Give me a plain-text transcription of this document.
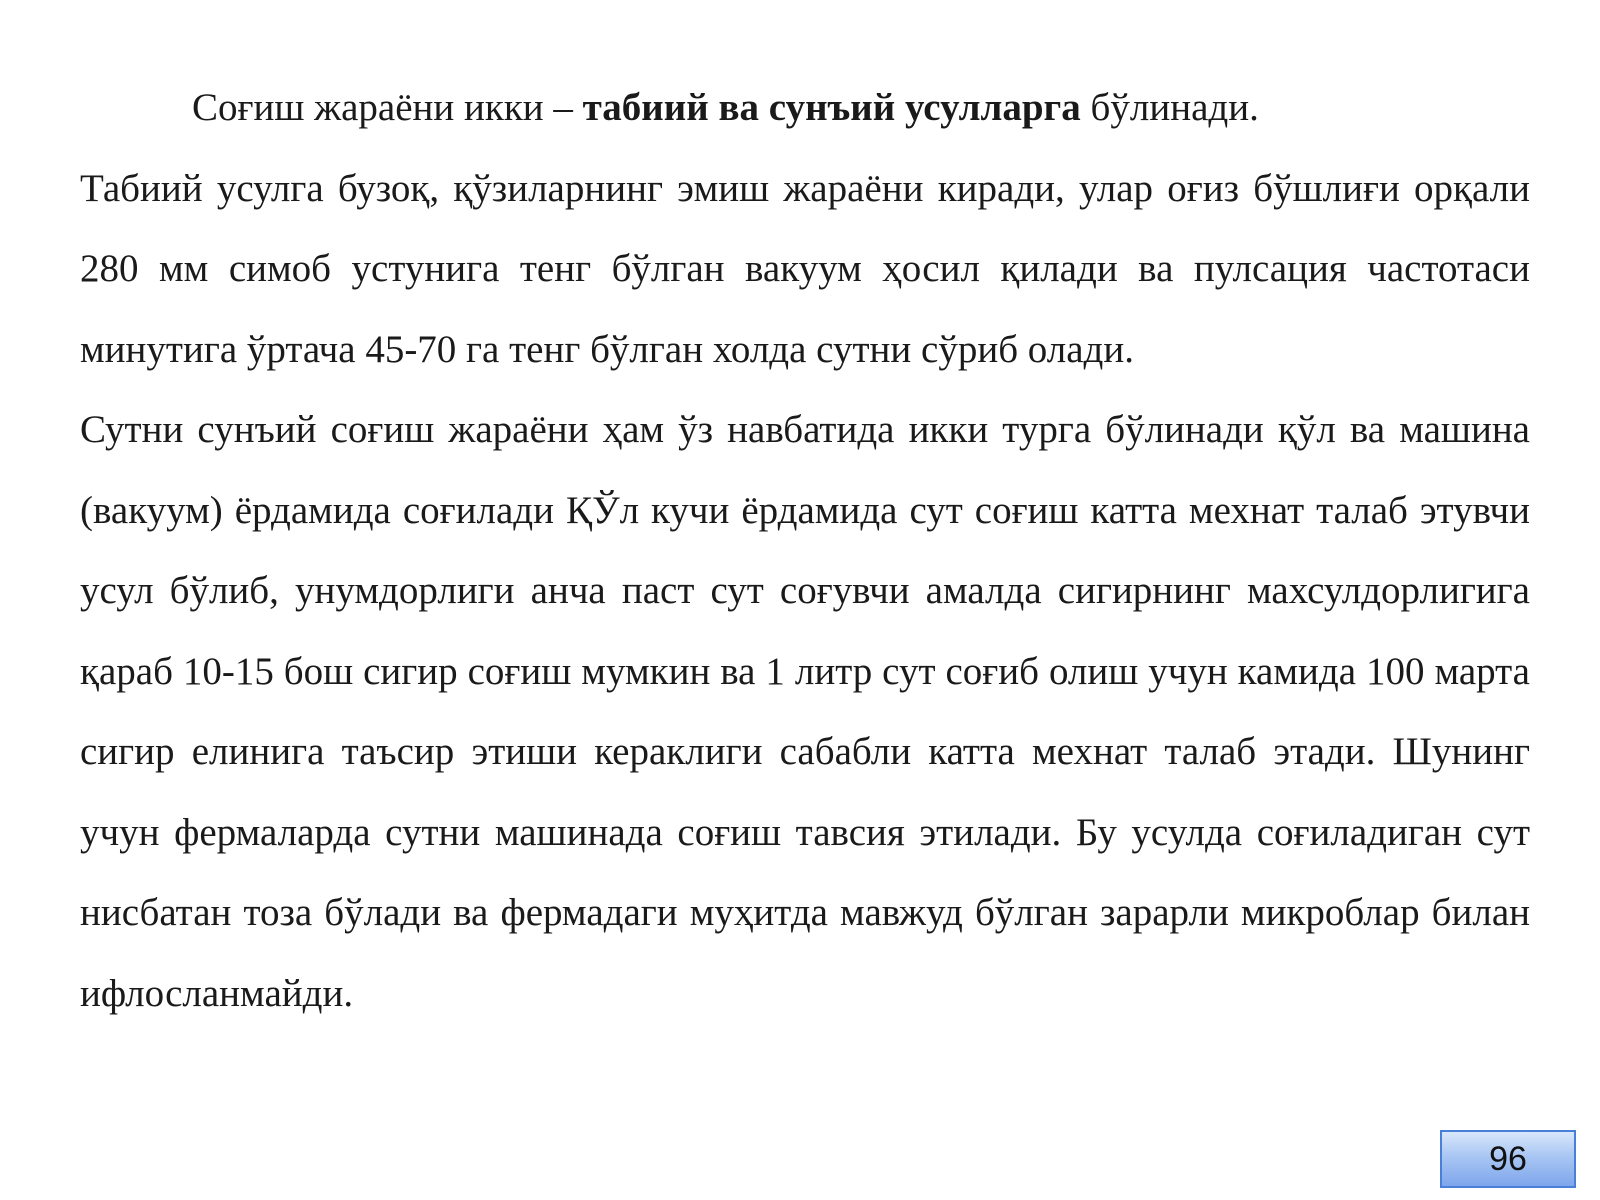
Соғиш жараёни икки – табиий ва сунъий усулларга бўлинади.

Табиий усулга бузоқ, қўзиларнинг эмиш жараёни киради, улар оғиз бўшлиғи орқали 280 мм симоб устунига тенг бўлган вакуум ҳосил қилади ва пулсация частотаси минутига ўртача 45-70 га тенг бўлган холда сутни сўриб олади.

Сутни сунъий соғиш жараёни ҳам ўз навбатида икки турга бўлинади қўл ва машина (вакуум) ёрдамида соғилади ҚЎл кучи ёрдамида сут соғиш катта мехнат талаб этувчи усул бўлиб, унумдорлиги анча паст сут соғувчи амалда сигирнинг махсулдорлигига қараб 10-15 бош сигир соғиш мумкин ва 1 литр сут соғиб олиш учун камида 100 марта сигир елинига таъсир этиши кераклиги сабабли катта мехнат талаб этади. Шунинг учун фермаларда сутни машинада соғиш тавсия этилади. Бу усулда соғиладиган сут нисбатан тоза бўлади ва фермадаги муҳитда мавжуд бўлган зарарли микроблар билан ифлосланмайди.

96
